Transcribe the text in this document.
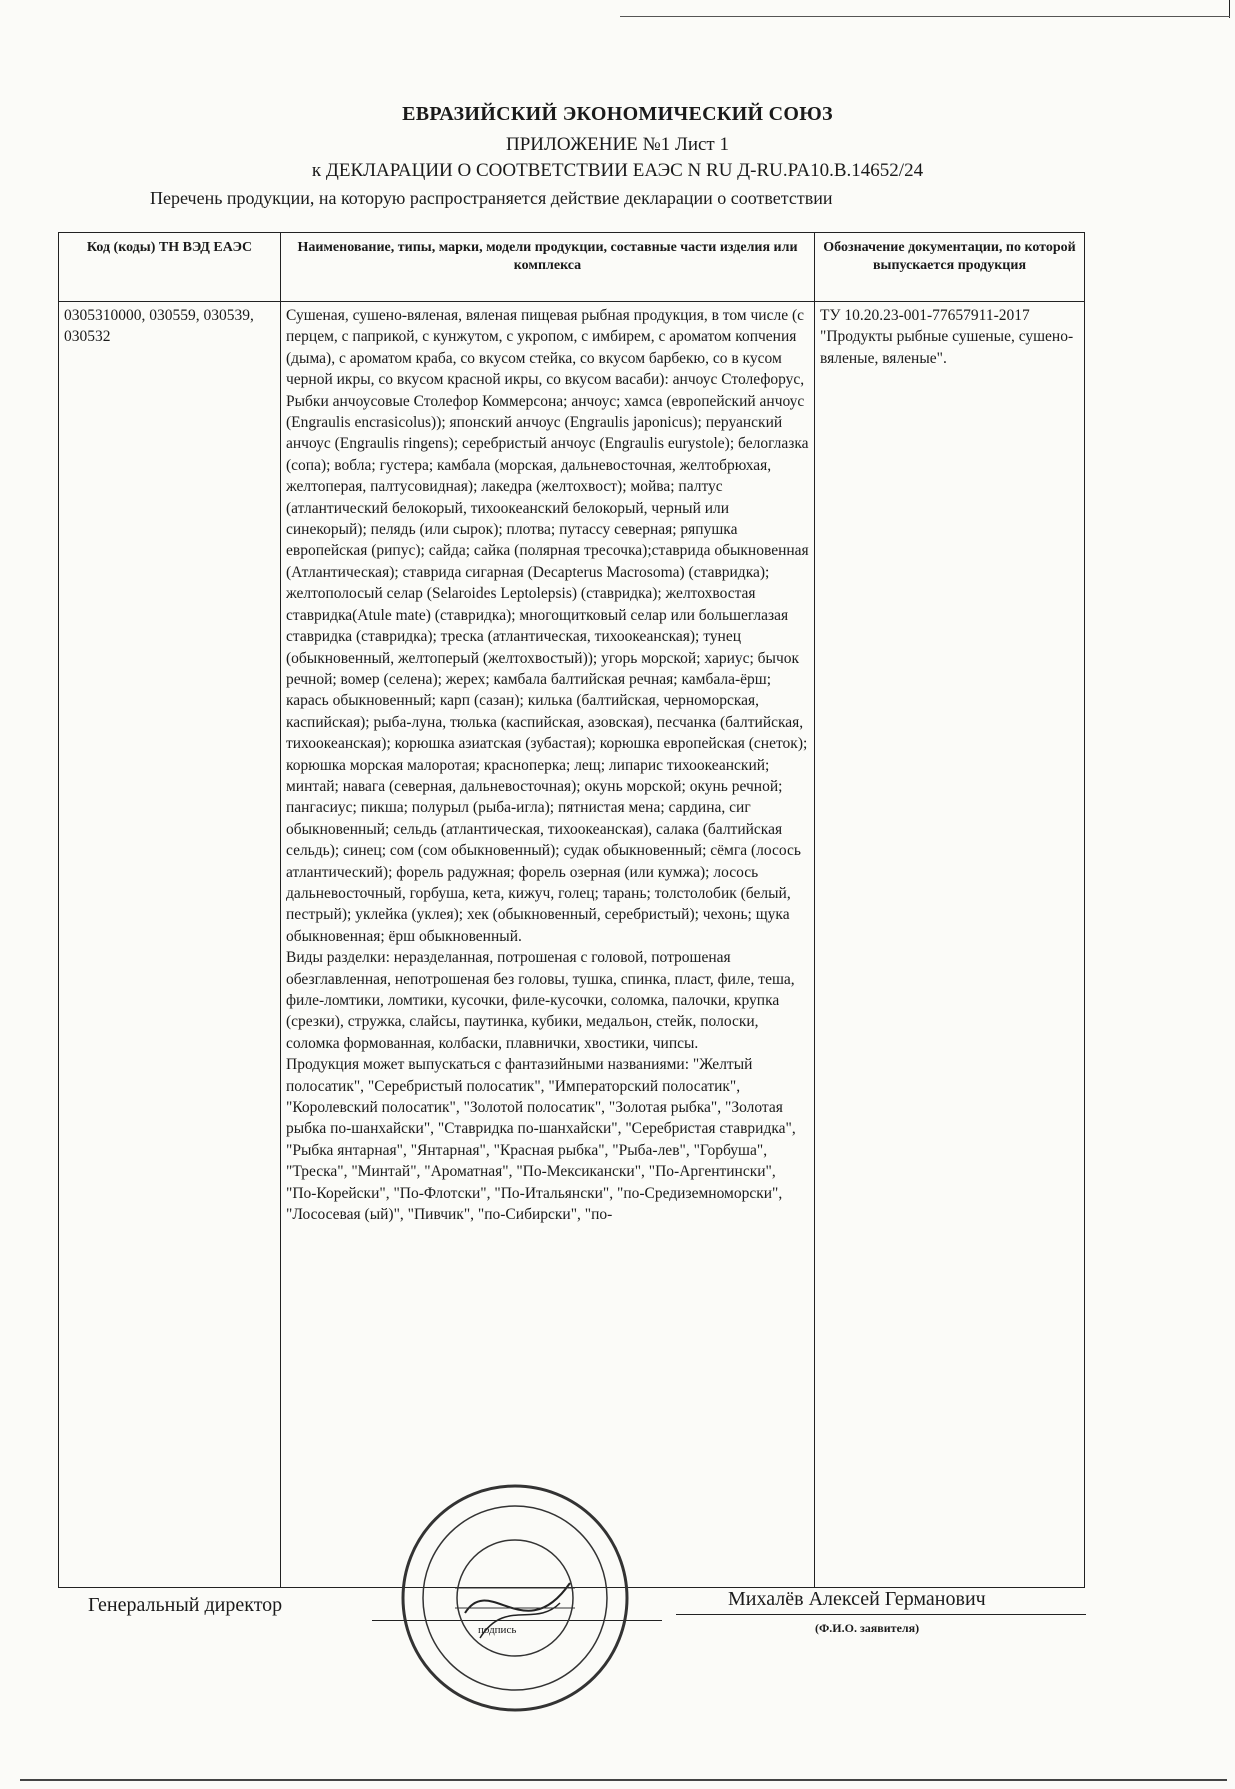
ЕВРАЗИЙСКИЙ ЭКОНОМИЧЕСКИЙ СОЮЗ
ПРИЛОЖЕНИЕ №1 Лист 1
к ДЕКЛАРАЦИИ О СООТВЕТСТВИИ ЕАЭС N RU Д-RU.PA10.B.14652/24
Перечень продукции, на которую распространяется действие декларации о соответствии
Код (коды) ТН ВЭД ЕАЭС	Наименование, типы, марки, модели продукции, составные части изделия или комплекса	Обозначение документации, по которой выпускается продукция
0305310000, 030559, 030539, 030532	Сушеная, сушено-вяленая, вяленая пищевая рыбная продукция, в том числе (с перцем, с паприкой, с кунжутом, с укропом, с имбирем, с ароматом копчения (дыма), с ароматом краба, со вкусом стейка, со вкусом барбекю, со в кусом черной икры, со вкусом красной икры, со вкусом васаби): анчоус Столефорус, Рыбки анчоусовые Столефор Коммерсона; анчоус; хамса (европейский анчоус (Engraulis encrasicolus)); японский анчоус (Engraulis japonicus); перуанский анчоус (Engraulis ringens); серебристый анчоус (Engraulis eurystole); белоглазка (сопа); вобла; густера; камбала (морская, дальневосточная, желтобрюхая, желтоперая, палтусовидная); лакедра (желтохвост); мойва; палтус (атлантический белокорый, тихоокеанский белокорый, черный или синекорый); пелядь (или сырок); плотва; путассу северная; ряпушка европейская (рипус); сайда; сайка (полярная тресочка);ставрида обыкновенная (Атлантическая); ставрида сигарная (Decapterus Macrosoma) (ставридка); желтополосый селар (Selaroides Leptolepsis) (ставридка); желтохвостая ставридка(Atule mate) (ставридка); многощитковый селар или большеглазая ставридка (ставридка); треска (атлантическая, тихоокеанская); тунец (обыкновенный, желтоперый (желтохвостый)); угорь морской; хариус; бычок речной; вомер (селена); жерех; камбала балтийская речная; камбала-ёрш; карась обыкновенный; карп (сазан); килька (балтийская, черноморская, каспийская); рыба-луна, тюлька (каспийская, азовская), песчанка (балтийская, тихоокеанская); корюшка азиатская (зубастая); корюшка европейская (снеток); корюшка морская малоротая; красноперка; лещ; липарис тихоокеанский; минтай; навага (северная, дальневосточная); окунь морской; окунь речной; пангасиус; пикша; полурыл (рыба-игла); пятнистая мена; сардина, сиг обыкновенный; сельдь (атлантическая, тихоокеанская), салака (балтийская сельдь); синец; сом (сом обыкновенный); судак обыкновенный; сёмга (лосось атлантический); форель радужная; форель озерная (или кумжа); лосось дальневосточный, горбуша, кета, кижуч, голец; тарань; толстолобик (белый, пестрый); уклейка (уклея); хек (обыкновенный, серебристый); чехонь; щука обыкновенная; ёрш обыкновенный.
Виды разделки: неразделанная, потрошеная с головой, потрошеная обезглавленная, непотрошеная без головы, тушка, спинка, пласт, филе, теша, филе-ломтики, ломтики, кусочки, филе-кусочки, соломка, палочки, крупка (срезки), стружка, слайсы, паутинка, кубики, медальон, стейк, полоски, соломка формованная, колбаски, плавнички, хвостики, чипсы.
Продукция может выпускаться с фантазийными названиями: "Желтый полосатик", "Серебристый полосатик", "Императорский полосатик", "Королевский полосатик", "Золотой полосатик", "Золотая рыбка", "Золотая рыбка по-шанхайски", "Ставридка по-шанхайски", "Серебристая ставридка", "Рыбка янтарная", "Янтарная", "Красная рыбка", "Рыба-лев", "Горбуша", "Треска", "Минтай", "Ароматная", "По-Мексикански", "По-Аргентински", "По-Корейски", "По-Флотски", "По-Итальянски", "по-Средиземноморски", "Лососевая (ый)", "Пивчик", "по-Сибирски", "по-	ТУ 10.20.23-001-77657911-2017 "Продукты рыбные сушеные, сушено-вяленые, вяленые".
Генеральный директор
подпись
Михалёв Алексей Германович
(Ф.И.О. заявителя)
